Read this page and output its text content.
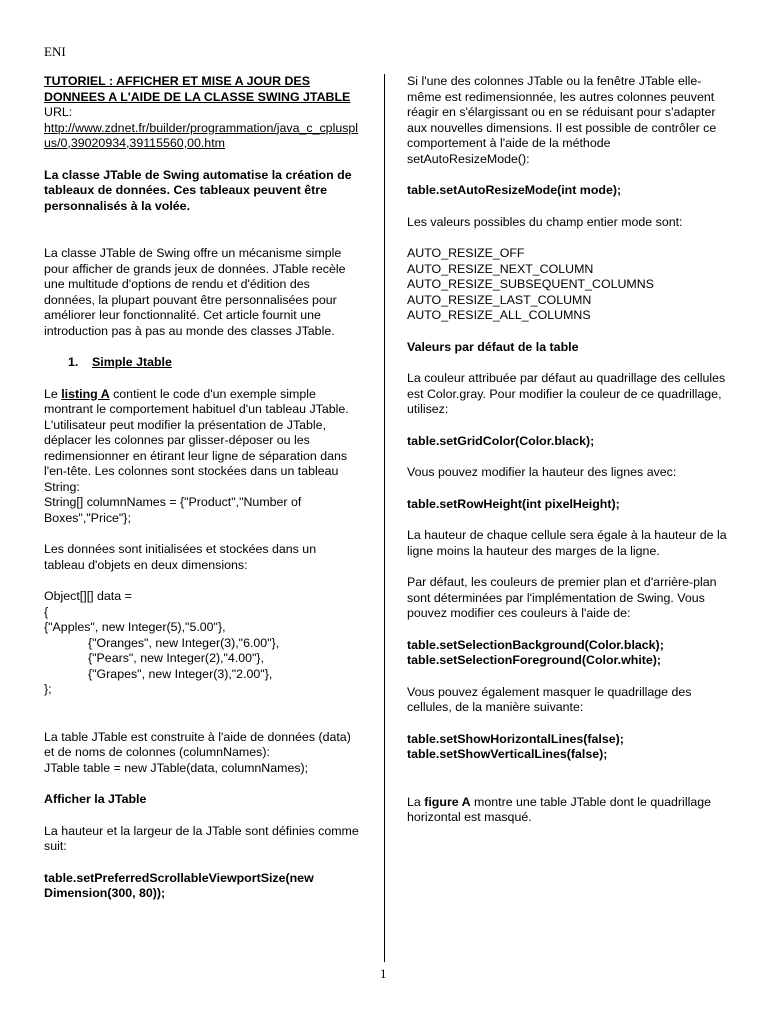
ENI

TUTORIEL : AFFICHER ET MISE A JOUR DES DONNEES A L'AIDE DE LA CLASSE SWING JTABLE

URL:

http://www.zdnet.fr/builder/programmation/java_c_cplusplus/0,39020934,39115560,00.htm

La classe JTable de Swing automatise la création de tableaux de données. Ces tableaux peuvent être personnalisés à la volée.

La classe JTable de Swing offre un mécanisme simple pour afficher de grands jeux de données. JTable recèle une multitude d'options de rendu et d'édition des données, la plupart pouvant être personnalisées pour améliorer leur fonctionnalité. Cet article fournit une introduction pas à pas au monde des classes JTable.

1. Simple Jtable

Le listing A contient le code d'un exemple simple montrant le comportement habituel d'un tableau JTable. L'utilisateur peut modifier la présentation de JTable, déplacer les colonnes par glisser-déposer ou les redimensionner en étirant leur ligne de séparation dans l'en-tête. Les colonnes sont stockées dans un tableau String:
String[] columnNames = {"Product","Number of Boxes","Price"};

Les données sont initialisées et stockées dans un tableau d'objets en deux dimensions:

Object[][] data =
{
{"Apples", new Integer(5),"5.00"},
{"Oranges", new Integer(3),"6.00"},
{"Pears", new Integer(2),"4.00"},
{"Grapes", new Integer(3),"2.00"},
};

La table JTable est construite à l'aide de données (data) et de noms de colonnes (columnNames):
JTable table = new JTable(data, columnNames);

Afficher la JTable

La hauteur et la largeur de la JTable sont définies comme suit:

table.setPreferredScrollableViewportSize(new Dimension(300, 80));

Si l'une des colonnes JTable ou la fenêtre JTable elle-même est redimensionnée, les autres colonnes peuvent réagir en s'élargissant ou en se réduisant pour s'adapter aux nouvelles dimensions. Il est possible de contrôler ce comportement à l'aide de la méthode setAutoResizeMode():

table.setAutoResizeMode(int mode);

Les valeurs possibles du champ entier mode sont:

AUTO_RESIZE_OFF
AUTO_RESIZE_NEXT_COLUMN
AUTO_RESIZE_SUBSEQUENT_COLUMNS
AUTO_RESIZE_LAST_COLUMN
AUTO_RESIZE_ALL_COLUMNS

Valeurs par défaut de la table

La couleur attribuée par défaut au quadrillage des cellules est Color.gray. Pour modifier la couleur de ce quadrillage, utilisez:

table.setGridColor(Color.black);

Vous pouvez modifier la hauteur des lignes avec:

table.setRowHeight(int pixelHeight);

La hauteur de chaque cellule sera égale à la hauteur de la ligne moins la hauteur des marges de la ligne.

Par défaut, les couleurs de premier plan et d'arrière-plan sont déterminées par l'implémentation de Swing. Vous pouvez modifier ces couleurs à l'aide de:

table.setSelectionBackground(Color.black);

table.setSelectionForeground(Color.white);

Vous pouvez également masquer le quadrillage des cellules, de la manière suivante:

table.setShowHorizontalLines(false);

table.setShowVerticalLines(false);

La figure A montre une table JTable dont le quadrillage horizontal est masqué.

1
